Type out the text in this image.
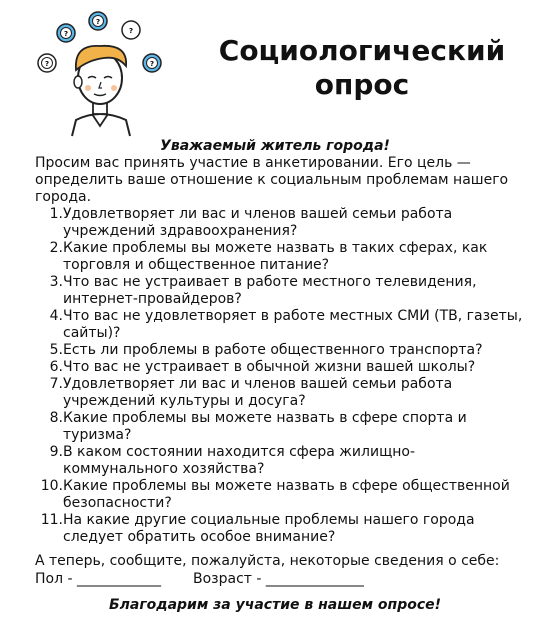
?
?
?
?	?	Социологический
опрос
Уважаемый житель города!
Просим вас принять участие в анкетировании. Его цель — определить ваше отношение к социальным проблемам нашего города.
1. Удовлетворяет ли вас и членов вашей семьи работа учреждений здравоохранения?
2. Какие проблемы вы можете назвать в таких сферах, как торговля и общественное питание?
3. Что вас не устраивает в работе местного телевидения, интернет-провайдеров?
4. Что вас не удовлетворяет в работе местных СМИ (ТВ, газеты, сайты)?
5. Есть ли проблемы в работе общественного транспорта?
6. Что вас не устраивает в обычной жизни вашей школы?
7. Удовлетворяет ли вас и членов вашей семьи работа учреждений культуры и досуга?
8. Какие проблемы вы можете назвать в сфере спорта и туризма?
9. В каком состоянии находится сфера жилищно-коммунального хозяйства?
10. Какие проблемы вы можете назвать в сфере общественной безопасности?
11. На какие другие социальные проблемы нашего города следует обратить особое внимание?
А теперь, сообщите, пожалуйста, некоторые сведения о себе:
Пол - ____________ Возраст - ______________
Благодарим за участие в нашем опросе!
